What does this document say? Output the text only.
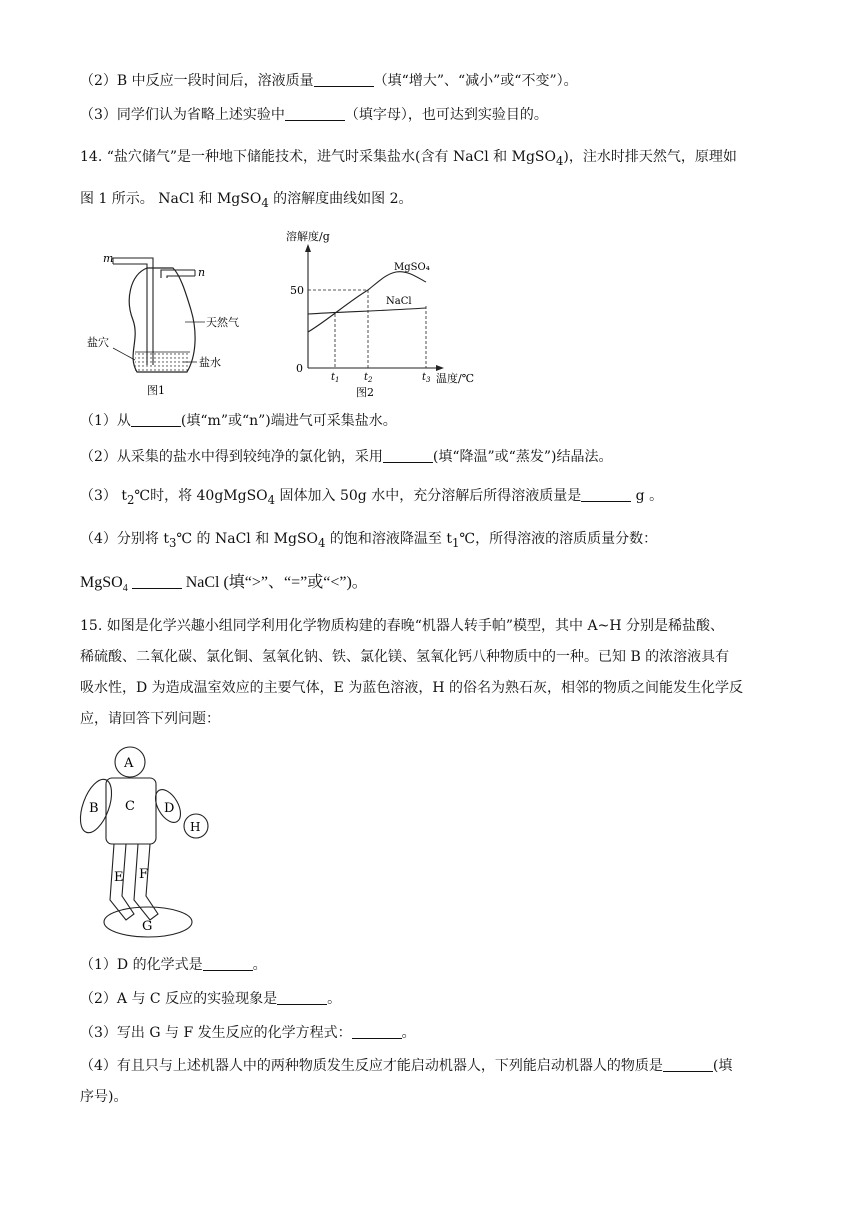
（2）B 中反应一段时间后，溶液质量	（填“增大”、“减小”或“不变”）。
（3）同学们认为省略上述实验中	（填字母），也可达到实验目的。
14. “盐穴储气”是一种地下储能技术，进气时采集盐水(含有 NaCl 和 MgSO$_4$)，注水时排天然气，原理如
图 1 所示。 NaCl 和 MgSO$_4$ 的溶解度曲线如图 2。
m
n
天然气
盐穴
盐水
图1
溶解度/g
0
50
MgSO₄
NaCl
$t_1$ $t_2$	$t_3$ 温度/℃
图2
（1）从	(填“m”或“n”)端进气可采集盐水。
（2）从采集的盐水中得到较纯净的氯化钠，采用	(填“降温”或“蒸发”)结晶法。
（3） $t_2℃$时，将 40gMgSO$_4$ 固体加入 50g 水中，充分溶解后所得溶液质量是	g 。
（4）分别将 $t_3℃$ 的 NaCl 和 MgSO$_4$ 的饱和溶液降温至 $t_1℃$，所得溶液的溶质质量分数：
MgSO$_4$	NaCl (填“>”、“=”或“<”)。
15. 如图是化学兴趣小组同学利用化学物质构建的春晚“机器人转手帕”模型，其中 A~H 分别是稀盐酸、
稀硫酸、二氧化碳、氯化铜、氢氧化钠、铁、氯化镁、氢氧化钙八种物质中的一种。已知 B 的浓溶液具有
吸水性，D 为造成温室效应的主要气体，E 为蓝色溶液，H 的俗名为熟石灰，相邻的物质之间能发生化学反
应，请回答下列问题：
A
C
B	D
H
E F
G
（1）D 的化学式是	。
（2）A 与 C 反应的实验现象是	。
（3）写出 G 与 F 发生反应的化学方程式：	。
（4）有且只与上述机器人中的两种物质发生反应才能启动机器人，下列能启动机器人的物质是	(填
序号)。
